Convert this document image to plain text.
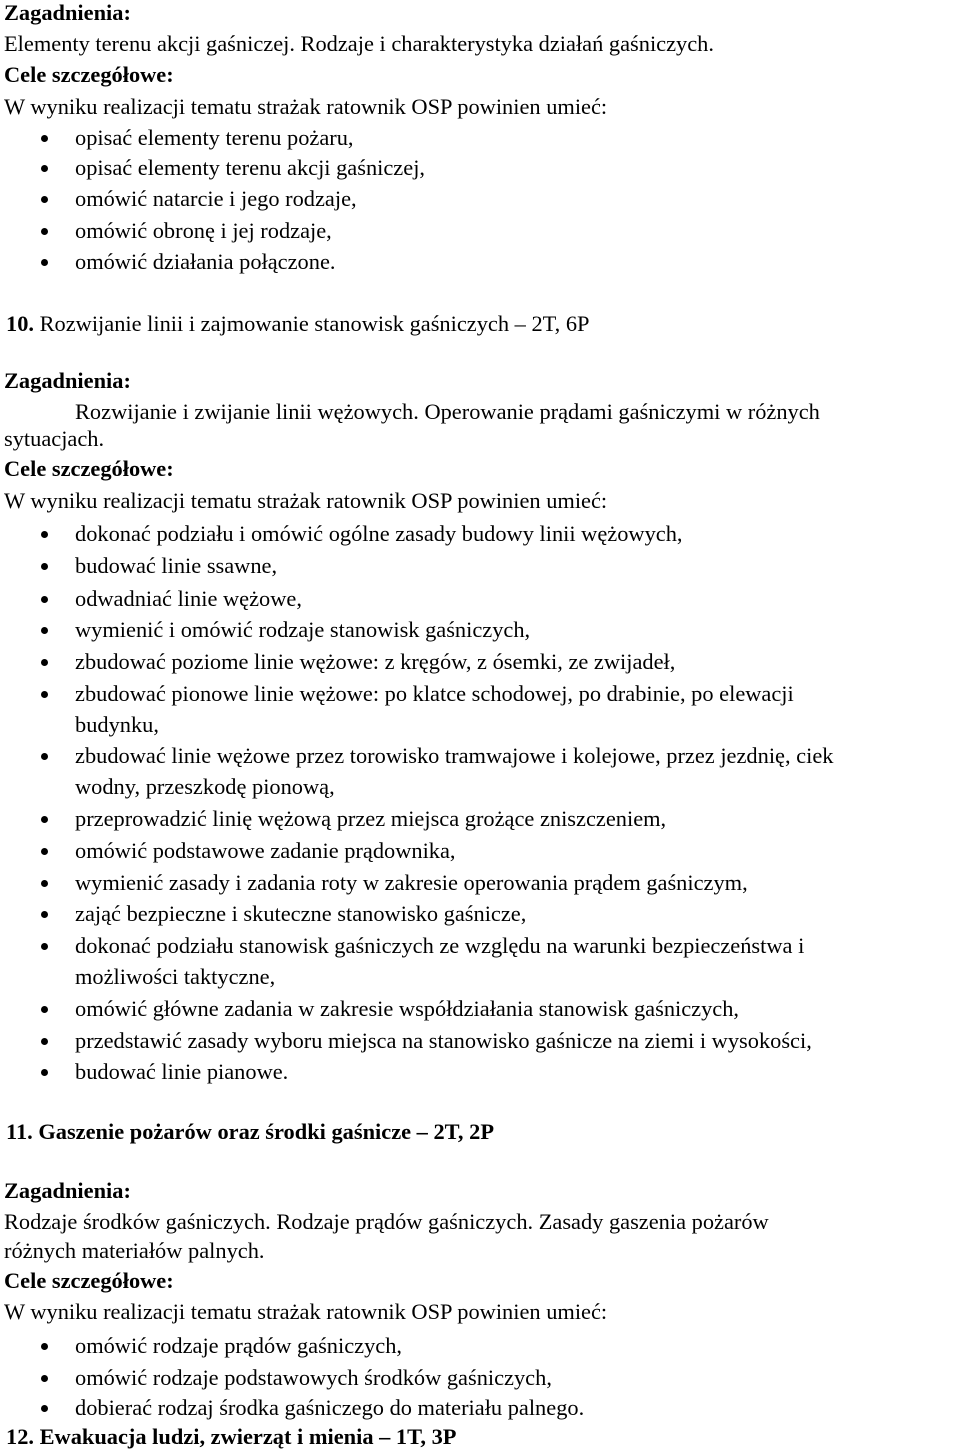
Zagadnienia:
Elementy terenu akcji gaśniczej. Rodzaje i charakterystyka działań gaśniczych.
Cele szczegółowe:
W wyniku realizacji tematu strażak ratownik OSP powinien umieć:
opisać elementy terenu pożaru,
opisać elementy terenu akcji gaśniczej,
omówić natarcie i jego rodzaje,
omówić obronę i jej rodzaje,
omówić działania połączone.
10. Rozwijanie linii i zajmowanie stanowisk gaśniczych – 2T, 6P
Zagadnienia:
Rozwijanie i zwijanie linii wężowych. Operowanie prądami gaśniczymi w różnych
sytuacjach.
Cele szczegółowe:
W wyniku realizacji tematu strażak ratownik OSP powinien umieć:
dokonać podziału i omówić ogólne zasady budowy linii wężowych,
budować linie ssawne,
odwadniać linie wężowe,
wymienić i omówić rodzaje stanowisk gaśniczych,
zbudować poziome linie wężowe: z kręgów, z ósemki, ze zwijadeł,
zbudować pionowe linie wężowe: po klatce schodowej, po drabinie, po elewacji
budynku,
zbudować linie wężowe przez torowisko tramwajowe i kolejowe, przez jezdnię, ciek
wodny, przeszkodę pionową,
przeprowadzić linię wężową przez miejsca grożące zniszczeniem,
omówić podstawowe zadanie prądownika,
wymienić zasady i zadania roty w zakresie operowania prądem gaśniczym,
zająć bezpieczne i skuteczne stanowisko gaśnicze,
dokonać podziału stanowisk gaśniczych ze względu na warunki bezpieczeństwa i
możliwości taktyczne,
omówić główne zadania w zakresie współdziałania stanowisk gaśniczych,
przedstawić zasady wyboru miejsca na stanowisko gaśnicze na ziemi i wysokości,
budować linie pianowe.
11. Gaszenie pożarów oraz środki gaśnicze – 2T, 2P
Zagadnienia:
Rodzaje środków gaśniczych. Rodzaje prądów gaśniczych. Zasady gaszenia pożarów
różnych materiałów palnych.
Cele szczegółowe:
W wyniku realizacji tematu strażak ratownik OSP powinien umieć:
omówić rodzaje prądów gaśniczych,
omówić rodzaje podstawowych środków gaśniczych,
dobierać rodzaj środka gaśniczego do materiału palnego.
12. Ewakuacja ludzi, zwierząt i mienia – 1T, 3P
